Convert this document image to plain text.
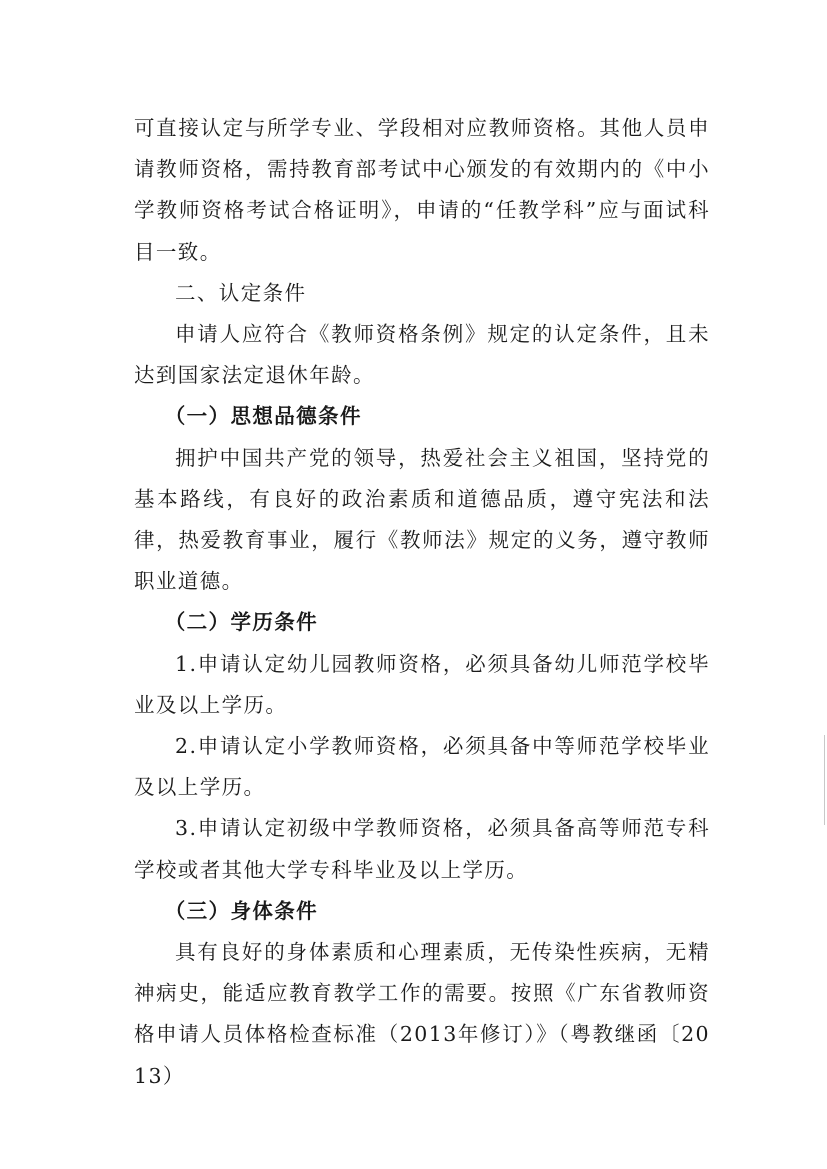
可直接认定与所学专业、学段相对应教师资格。其他人员申请教师资格，需持教育部考试中心颁发的有效期内的《中小学教师资格考试合格证明》，申请的“任教学科”应与面试科目一致。

二、认定条件

申请人应符合《教师资格条例》规定的认定条件，且未达到国家法定退休年龄。

（一）思想品德条件

拥护中国共产党的领导，热爱社会主义祖国，坚持党的基本路线，有良好的政治素质和道德品质，遵守宪法和法律，热爱教育事业，履行《教师法》规定的义务，遵守教师职业道德。

（二）学历条件

1.申请认定幼儿园教师资格，必须具备幼儿师范学校毕业及以上学历。

2.申请认定小学教师资格，必须具备中等师范学校毕业及以上学历。

3.申请认定初级中学教师资格，必须具备高等师范专科学校或者其他大学专科毕业及以上学历。

（三）身体条件

具有良好的身体素质和心理素质，无传染性疾病，无精神病史，能适应教育教学工作的需要。按照《广东省教师资格申请人员体格检查标准（2013年修订）》（粤教继函〔2013）
